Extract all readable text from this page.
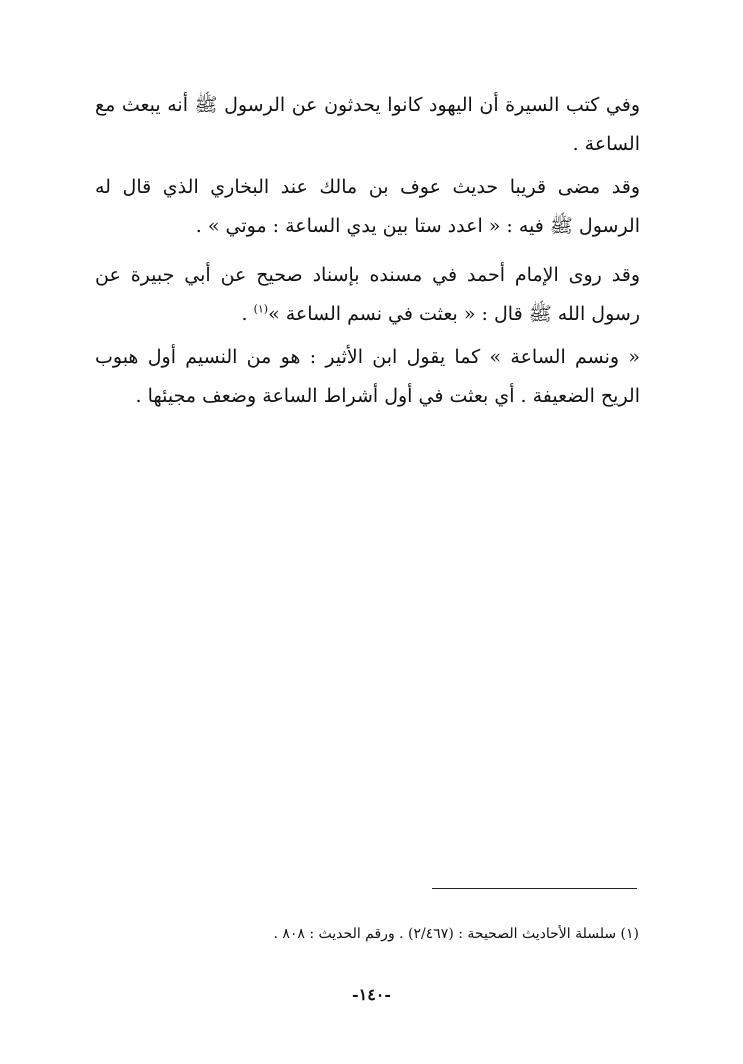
وفي كتب السيرة أن اليهود كانوا يحدثون عن الرسول ﷺ أنه يبعث مع الساعة .

وقد مضى قريبا حديث عوف بن مالك عند البخاري الذي قال له الرسول ﷺ فيه : « اعدد ستا بين يدي الساعة : موتي » .

وقد روى الإمام أحمد في مسنده بإسناد صحيح عن أبي جبيرة عن رسول الله ﷺ قال : « بعثت في نسم الساعة »$^{(١)}$ .

« ونسم الساعة » كما يقول ابن الأثير : هو من النسيم أول هبوب الريح الضعيفة . أي بعثت في أول أشراط الساعة وضعف مجيئها .

(١) سلسلة الأحاديث الصحيحة : (٢/٤٦٧) . ورقم الحديث : ٨٠٨ .
-١٤٠-
